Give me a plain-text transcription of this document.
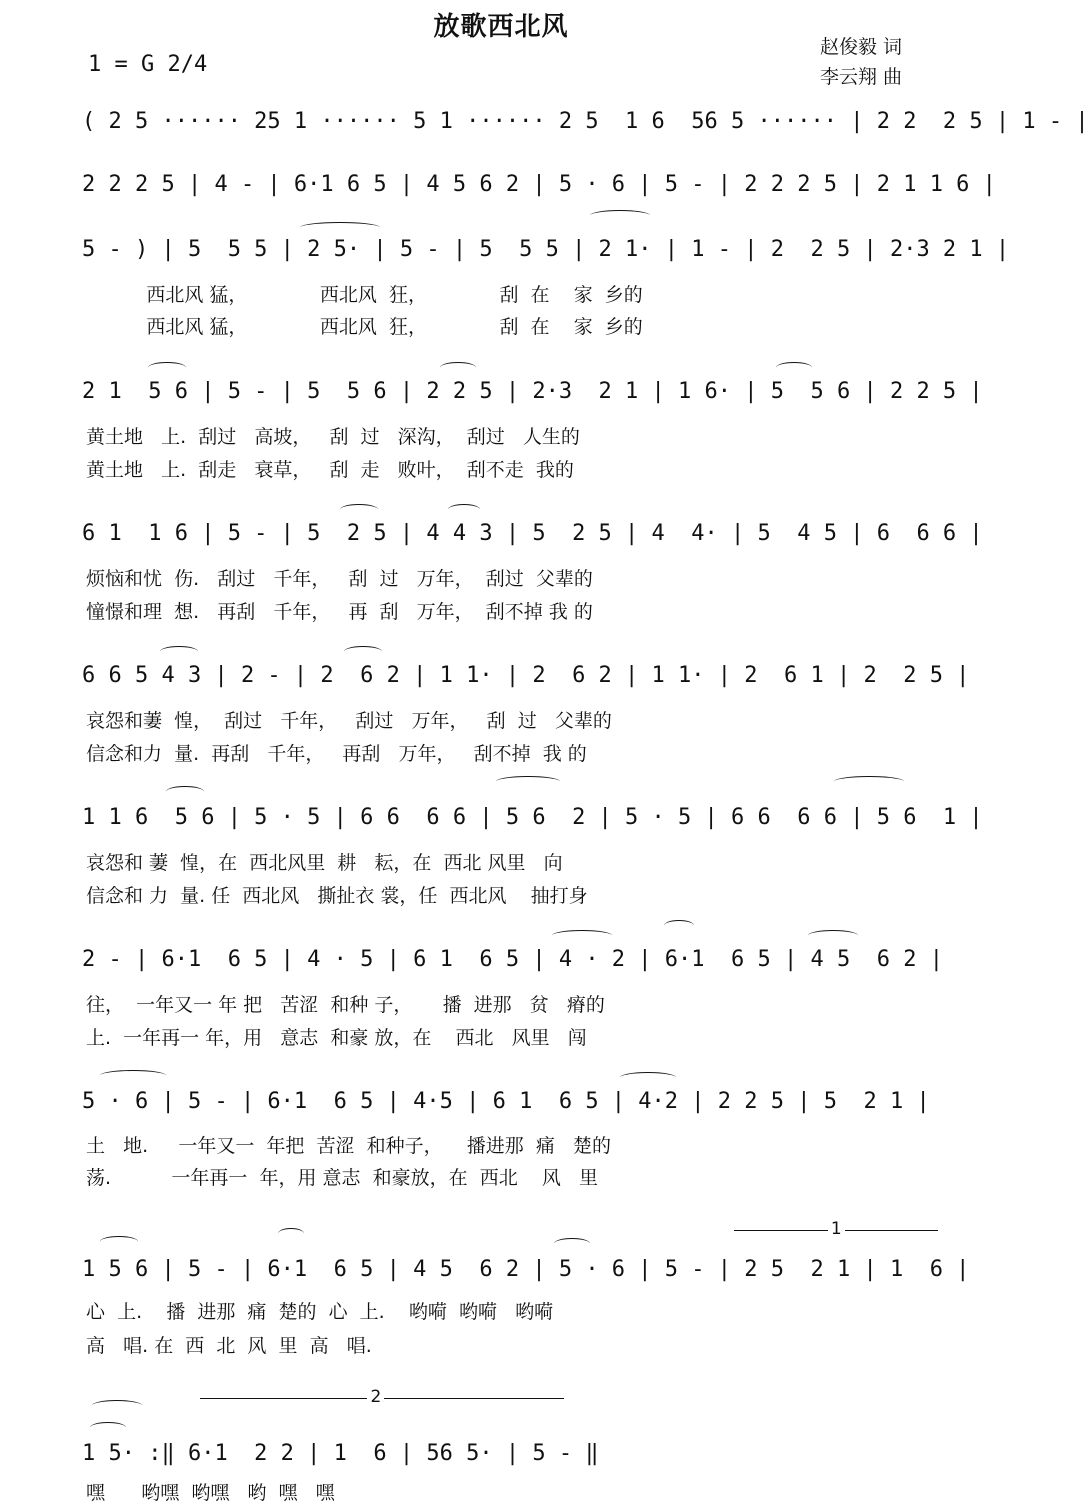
放歌西北风
赵俊毅 词
李云翔 曲
1 = G 2/4
( 2 5 ······ 25 1 ······ 5 1 ······ 2 5  1 6  56 5 ······ | 2 2  2 5 | 1 - |
2 2 2 5 | 4 - | 6·1 6 5 | 4 5 6 2 | 5 · 6 | 5 - | 2 2 2 5 | 2 1 1 6 |
5 - ) | 5  5 5 | 2 5· | 5 - | 5  5 5 | 2 1· | 1 - | 2  2 5 | 2·3 2 1 |
西北风 猛，            西北风  狂，            刮  在    家  乡的
西北风 猛，            西北风  狂，            刮  在    家  乡的
2 1  5 6 | 5 - | 5  5 6 | 2 2 5 | 2·3  2 1 | 1 6· | 5  5 6 | 2 2 5 |
黄土地   上.  刮过   高坡，   刮  过   深沟，  刮过   人生的
黄土地   上.  刮走   衰草，   刮  走   败叶，  刮不走  我的
6 1  1 6 | 5 - | 5  2 5 | 4 4 3 | 5  2 5 | 4  4· | 5  4 5 | 6  6 6 |
烦恼和忧  伤.   刮过   千年，   刮  过   万年，  刮过  父辈的
憧憬和理  想.   再刮   千年，   再  刮   万年，  刮不掉 我 的
6 6 5 4 3 | 2 - | 2  6 2 | 1 1· | 2  6 2 | 1 1· | 2  6 1 | 2  2 5 |
哀怨和萋  惶，  刮过   千年，   刮过   万年，   刮  过   父辈的
信念和力  量.  再刮   千年，   再刮   万年，   刮不掉  我 的
1 1 6  5 6 | 5 · 5 | 6 6  6 6 | 5 6  2 | 5 · 5 | 6 6  6 6 | 5 6  1 |
哀怨和 萋  惶，在  西北风里  耕   耘，在  西北 风里   向
信念和 力  量. 任  西北风   撕扯衣 裳，任  西北风    抽打身
2 - | 6·1  6 5 | 4 · 5 | 6 1  6 5 | 4 · 2 | 6·1  6 5 | 4 5  6 2 |
往，  一年又一 年 把   苦涩  和种 子，     播  进那   贫   瘠的
上.  一年再一 年，用   意志  和豪 放，在    西北   风里   闯
5 · 6 | 5 - | 6·1  6 5 | 4·5 | 6 1  6 5 | 4·2 | 2 2 5 | 5  2 1 |
土   地.     一年又一  年把  苦涩  和种子，    播进那  痛   楚的
荡.          一年再一  年，用 意志  和豪放，在  西北    风   里
1
1 5 6 | 5 - | 6·1  6 5 | 4 5  6 2 | 5 · 6 | 5 - | 2 5  2 1 | 1  6 |
心  上.    播  进那  痛  楚的  心  上.    哟嗬  哟嗬   哟嗬
高   唱. 在  西  北  风  里  高   唱.
2
1 5· :‖ 6·1  2 2 | 1  6 | 56 5· | 5 - ‖
嘿      哟嘿  哟嘿   哟  嘿   嘿
